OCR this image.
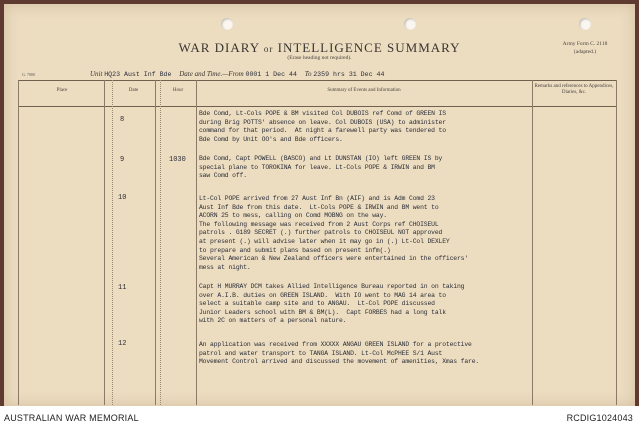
WAR DIARY or INTELLIGENCE SUMMARY
(Erase heading not required).
Army Form C. 2118
(adapted.)
G. 7000	Unit HQ23 Aust Inf Bde Date and Time.—From 0001 1 Dec 44 To 2359 hrs 31 Dec 44
Place	Date	Hour	Summary of Events and Information
Remarks and references to Appendices, Diaries, &c.
8
Bde Comd, Lt-Cols POPE & BM visited Col DUBOIS ref Comd of GREEN IS
during Brig POTTS' absence on leave. Col DUBOIS (USA) to administer
command for that period.  At night a farewell party was tendered to
Bde Comd by Unit OO's and Bde officers.
9	1030 Bde Comd, Capt POWELL (BASCO) and Lt DUNSTAN (IO) left GREEN IS by
special plane to TOROKINA for leave. Lt-Cols POPE & IRWIN and BM
saw Comd off.
10	Lt-Col POPE arrived from 27 Aust Inf Bn (AIF) and is Adm Comd 23
Aust Inf Bde from this date.  Lt-Cols POPE & IRWIN and BM went to
ACORN 25 to mess, calling on Comd MOBNG on the way.
The following message was received from 2 Aust Corps ref CHOISEUL
patrols . G189 SECRET (.) further patrols to CHOISEUL NOT approved
at present (.) will advise later when it may go in (.) Lt-Col DEXLEY
to prepare and submit plans based on present infm(.)
Several American & New Zealand officers were entertained in the officers'
mess at night.
11	Capt H MURRAY DCM takes Allied Intelligence Bureau reported in on taking
over A.I.B. duties on GREEN ISLAND.  With IO went to MAG 14 area to
select a suitable camp site and to ANGAU.  Lt-Col POPE discussed
Junior Leaders school with BM & BM(L).  Capt FORBES had a long talk
with 2C on matters of a personal nature.
12	An application was received from XXXXX ANGAU GREEN ISLAND for a protective
patrol and water transport to TANGA ISLAND. Lt-Col McPHEE S/1 Aust
Movement Control arrived and discussed the movement of amenities, Xmas fare.
AUSTRALIAN WAR MEMORIAL	RCDIG1024043
